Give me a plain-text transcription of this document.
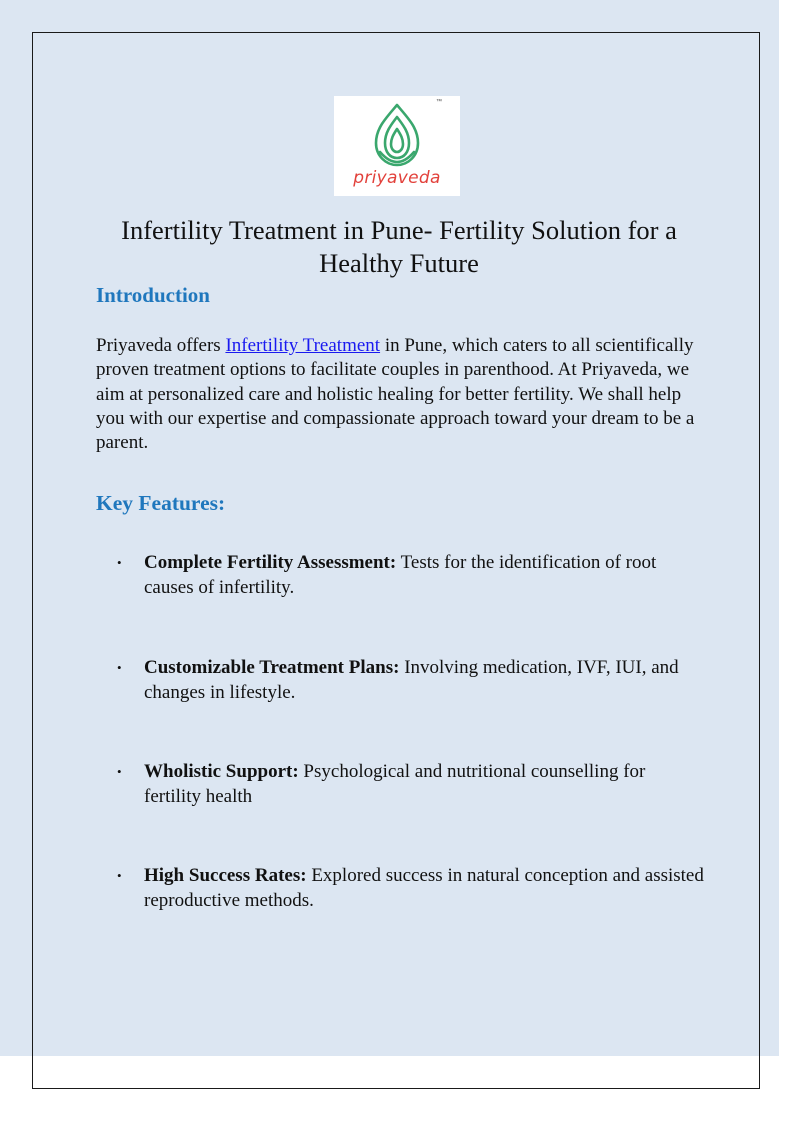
™
priyaveda
Infertility Treatment in Pune- Fertility Solution for a Healthy Future
Introduction

Priyaveda offers Infertility Treatment in Pune, which caters to all scientifically proven treatment options to facilitate couples in parenthood. At Priyaveda, we aim at personalized care and holistic healing for better fertility. We shall help you with our expertise and compassionate approach toward your dream to be a parent.

Key Features:
•	Complete Fertility Assessment: Tests for the identification of root causes of infertility.
•	Customizable Treatment Plans: Involving medication, IVF, IUI, and changes in lifestyle.
•	Wholistic Support: Psychological and nutritional counselling for fertility health
•	High Success Rates: Explored success in natural conception and assisted reproductive methods.
